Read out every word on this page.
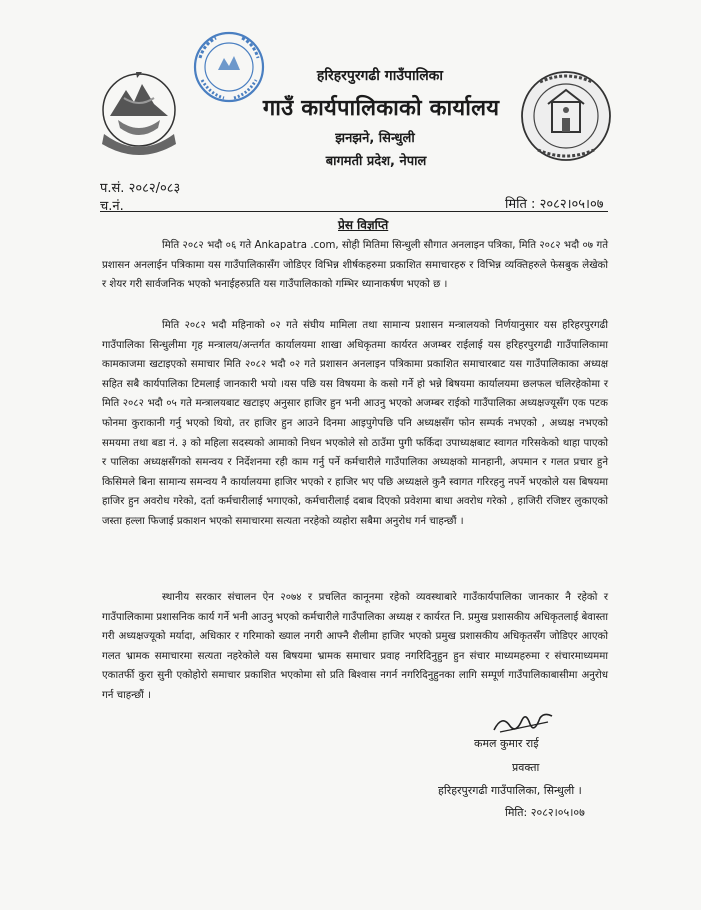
हरिहरपुरगढी गाउँपालिका
गाउँ कार्यपालिकाको कार्यालय
झनझने, सिन्धुली
बागमती प्रदेश, नेपाल
प.सं. २०८२/०८३
च.नं.	मिति : २०८२।०५।०७
प्रेस विज्ञप्ति
मिति २०८२ भदौ ०६ गते Ankapatra .com, सोही मितिमा सिन्धुली सौगात अनलाइन पत्रिका, मिति २०८२ भदौ ०७ गते प्रशासन अनलाईन पत्रिकामा यस गाउँपालिकासँग जोडिएर विभिन्न शीर्षकहरुमा प्रकाशित समाचारहरु र विभिन्न व्यक्तिहरुले फेसबुक लेखेको र शेयर गरी सार्वजनिक भएको भनाईहरुप्रति यस गाउँपालिकाको गम्भिर ध्यानाकर्षण भएको छ ।
मिति २०८२ भदौ महिनाको ०२ गते संघीय मामिला तथा सामान्य प्रशासन मन्त्रालयको निर्णयानुसार यस हरिहरपुरगढी गाउँपालिका सिन्धुलीमा गृह मन्त्रालय/अन्तर्गत कार्यालयमा शाखा अधिकृतमा कार्यरत अजम्बर राईलाई यस हरिहरपुरगढी गाउँपालिकामा कामकाजमा खटाइएको समाचार मिति २०८२ भदौ ०२ गते प्रशासन अनलाइन पत्रिकामा प्रकाशित समाचारबाट यस गाउँपालिकाका अध्यक्ष सहित सबै कार्यपालिका टिमलाई जानकारी भयो ।यस पछि यस विषयमा के कसो गर्ने हो भन्ने बिषयमा कार्यालयमा छलफल चलिरहेकोमा र मिति २०८२ भदौ ०५ गते मन्त्रालयबाट खटाइए अनुसार हाजिर हुन भनी आउनु भएको अजम्बर राईको गाउँपालिका अध्यक्षज्यूसँग एक पटक फोनमा कुराकानी गर्नु भएको थियो, तर हाजिर हुन आउने दिनमा आइपुगेपछि पनि अध्यक्षसँग फोन सम्पर्क नभएको , अध्यक्ष नभएको समयमा तथा बडा नं. ३ को महिला सदस्यको आमाको निधन भएकोले सो ठाउँमा पुगी फर्किदा उपाध्यक्षबाट स्वागत गरिसकेको थाहा पाएको र पालिका अध्यक्षसँगको समन्वय र निर्देशनमा रही काम गर्नु पर्ने कर्मचारीले गाउँपालिका अध्यक्षको मानहानी, अपमान र गलत प्रचार हुने किसिमले बिना सामान्य समन्वय नै कार्यालयमा हाजिर भएको र हाजिर भए पछि अध्यक्षले कुनै स्वागत गरिरहनु नपर्ने भएकोले यस बिषयमा हाजिर हुन अवरोध गरेको, दर्ता कर्मचारीलाई भगाएको, कर्मचारीलाई दबाब दिएको प्रवेशमा बाधा अवरोध गरेको , हाजिरी रजिष्टर लुकाएको जस्ता हल्ला फिजाई प्रकाशन भएको समाचारमा सत्यता नरहेको व्यहोरा सबैमा अनुरोध गर्न चाहन्छौं ।
स्थानीय सरकार संचालन ऐन २०७४ र प्रचलित कानूनमा रहेको व्यवस्थाबारे गाउँकार्यपालिका जानकार नै रहेको र गाउँपालिकामा प्रशासनिक कार्य गर्ने भनी आउनु भएको कर्मचारीले गाउँपालिका अध्यक्ष र कार्यरत नि. प्रमुख प्रशासकीय अधिकृतलाई बेवास्ता गरी अध्यक्षज्यूको मर्यादा, अधिकार र गरिमाको ख्याल नगरी आफ्नै शैलीमा हाजिर भएको प्रमुख प्रशासकीय अधिकृतसँग जोडिएर आएको गलत भ्रामक समाचारमा सत्यता नहरेकोले यस बिषयमा भ्रामक समाचार प्रवाह नगरिदिनुहुन हुन संचार माध्यमहरुमा र संचारमाध्यममा एकातर्फी कुरा सुनी एकोहोरो समाचार प्रकाशित भएकोमा सो प्रति बिश्वास नगर्न नगरिदिनुहुनका लागि सम्पूर्ण गाउँपालिकाबासीमा अनुरोध गर्न चाहन्छौं ।
कमल कुमार राई
प्रवक्ता
हरिहरपुरगढी गाउँपालिका, सिन्धुली ।
मिति: २०८२।०५।०७
